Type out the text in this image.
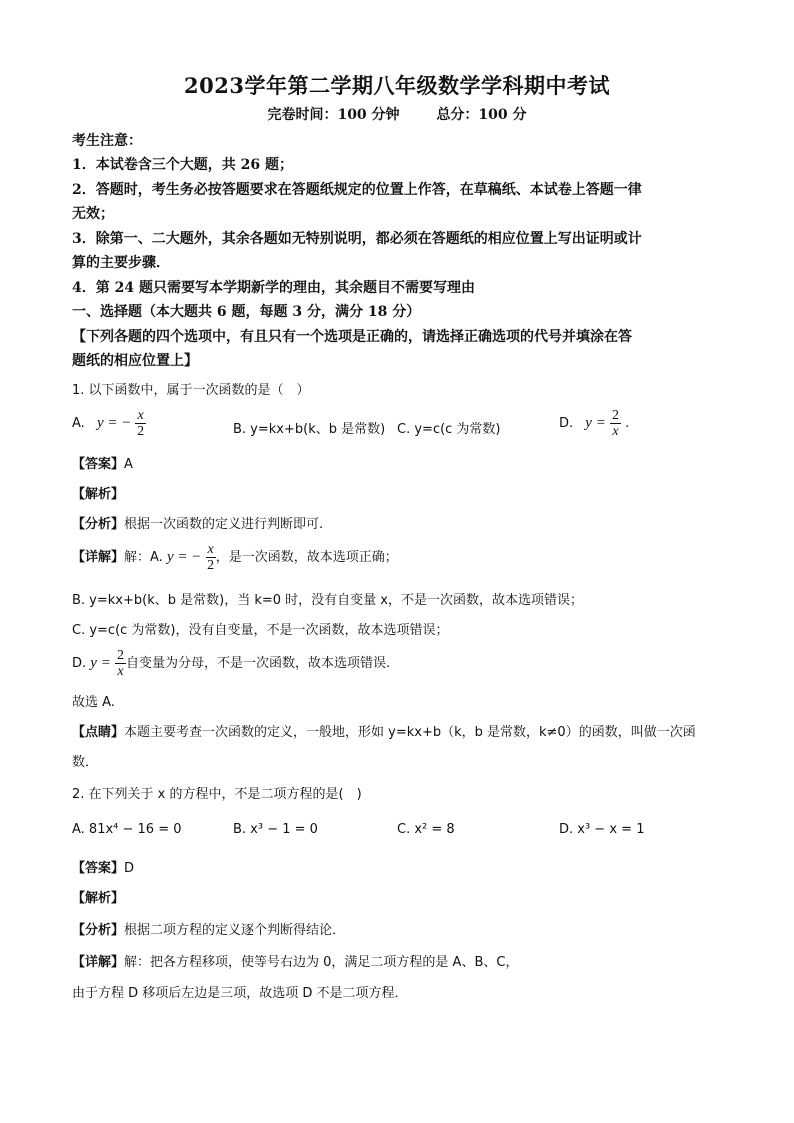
2023学年第二学期八年级数学学科期中考试
完卷时间：100 分钟	总分：100 分
考生注意：
1．本试卷含三个大题，共 26 题；
2．答题时，考生务必按答题要求在答题纸规定的位置上作答，在草稿纸、本试卷上答题一律
无效；
3．除第一、二大题外，其余各题如无特别说明，都必须在答题纸的相应位置上写出证明或计
算的主要步骤．
4．第 24 题只需要写本学期新学的理由，其余题目不需要写理由
一、选择题（本大题共 6 题，每题 3 分，满分 18 分）
【下列各题的四个选项中，有且只有一个选项是正确的，请选择正确选项的代号并填涂在答
题纸的相应位置上】
1. 以下函数中，属于一次函数的是（　）
A. y = − $\frac{x}{2}$	B. y=kx+b(k、b 是常数) C. y=c(c 为常数)	D. $y = \frac{2}{x}$ .
【答案】A
【解析】
【分析】根据一次函数的定义进行判断即可.
【详解】解：A. y = − $\frac{x}{2}$ ，是一次函数，故本选项正确；
B. y=kx+b(k、b 是常数)，当 k=0 时，没有自变量 x，不是一次函数，故本选项错误；
C. y=c(c 为常数)，没有自变量，不是一次函数，故本选项错误；
D. $y = \frac{2}{x}$ 自变量为分母，不是一次函数，故本选项错误.
故选 A.
【点睛】本题主要考查一次函数的定义，一般地，形如 y=kx+b（k，b 是常数，k≠0）的函数，叫做一次函
数．
2. 在下列关于 x 的方程中，不是二项方程的是(　)
A. 81x⁴ − 16 = 0	B. x³ − 1 = 0	C. x² = 8	D. x³ − x = 1
【答案】D
【解析】
【分析】根据二项方程的定义逐个判断得结论．
【详解】解：把各方程移项，使等号右边为 0，满足二项方程的是 A、B、C，
由于方程 D 移项后左边是三项，故选项 D 不是二项方程．
